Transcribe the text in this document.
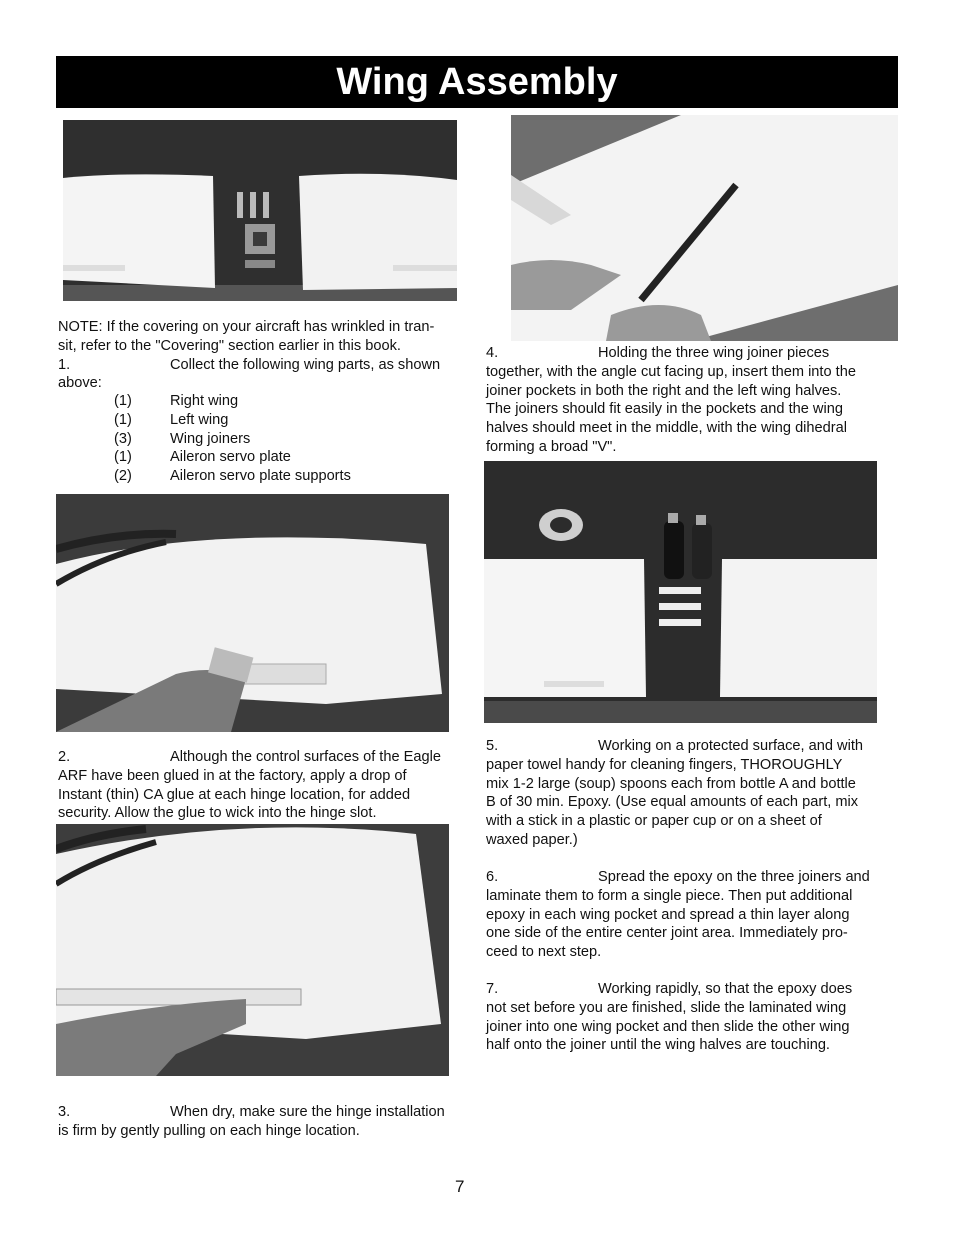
Wing Assembly
NOTE: If the covering on your aircraft has wrinkled in tran-
sit, refer to the "Covering" section earlier in this book.
1.	Collect the following wing parts, as shown
above:
(1)	Right wing
(1)	Left wing
(3)	Wing joiners
(1)	Aileron servo plate
(2)	Aileron servo plate supports
4.	Holding the three wing joiner pieces
together, with the angle cut facing up, insert them into the
joiner pockets in both the right and the left wing halves.
The joiners should fit easily in the pockets and the wing
halves should meet in the middle, with the wing dihedral
forming a broad "V".
2.	Although the control surfaces of the Eagle
ARF have been glued in at the factory, apply a drop of
Instant (thin) CA glue at each hinge location, for added
security. Allow the glue to wick into the hinge slot.
5.	Working on a protected surface, and with
paper towel handy for cleaning fingers, THOROUGHLY
mix 1-2 large (soup) spoons each from bottle A and bottle
B of 30 min. Epoxy. (Use equal amounts of each part, mix
with a stick in a plastic or paper cup or on a sheet of
waxed paper.)
6.	Spread the epoxy on the three joiners and
laminate them to form a single piece. Then put additional
epoxy in each wing pocket and spread a thin layer along
one side of the entire center joint area. Immediately pro-
ceed to next step.
7.	Working rapidly, so that the epoxy does
not set before you are finished, slide the laminated wing
joiner into one wing pocket and then slide the other wing
half onto the joiner until the wing halves are touching.
3.	When dry, make sure the hinge installation
is firm by gently pulling on each hinge location.
7
